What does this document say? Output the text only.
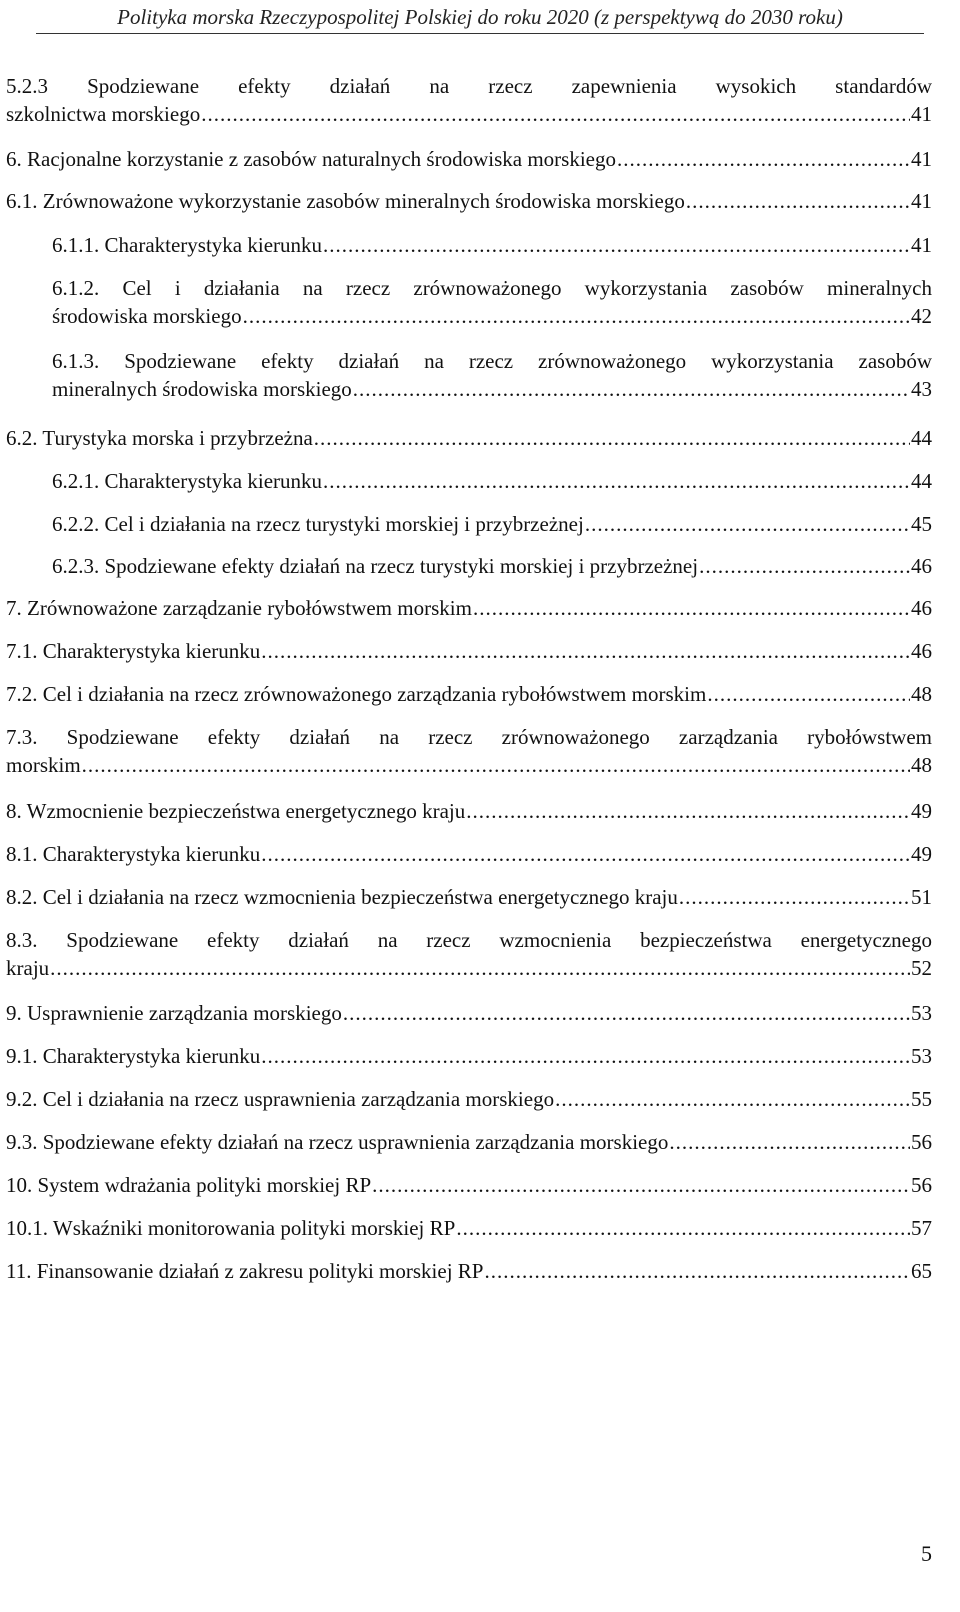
Polityka morska Rzeczypospolitej Polskiej do roku 2020 (z perspektywą do 2030 roku)
5.2.3 Spodziewane efekty działań na rzecz zapewnienia wysokich standardów
szkolnictwa morskiego .....	41
6. Racjonalne korzystanie z zasobów naturalnych środowiska morskiego .....	41
6.1. Zrównoważone wykorzystanie zasobów mineralnych środowiska morskiego .....	41
6.1.1. Charakterystyka kierunku .....	41
6.1.2. Cel i działania na rzecz zrównoważonego wykorzystania zasobów mineralnych
środowiska morskiego .....	42
6.1.3. Spodziewane efekty działań na rzecz zrównoważonego wykorzystania zasobów
mineralnych środowiska morskiego .....	43
6.2. Turystyka morska i przybrzeżna .....	44
6.2.1. Charakterystyka kierunku .....	44
6.2.2. Cel i działania na rzecz turystyki morskiej i przybrzeżnej .....	45
6.2.3. Spodziewane efekty działań na rzecz turystyki morskiej i przybrzeżnej .....	46
7. Zrównoważone zarządzanie rybołówstwem morskim .....	46
7.1. Charakterystyka kierunku .....	46
7.2. Cel i działania na rzecz zrównoważonego zarządzania rybołówstwem morskim .....	48
7.3. Spodziewane efekty działań na rzecz zrównoważonego zarządzania rybołówstwem
morskim .....	48
8. Wzmocnienie bezpieczeństwa energetycznego kraju .....	49
8.1. Charakterystyka kierunku .....	49
8.2. Cel i działania na rzecz wzmocnienia bezpieczeństwa energetycznego kraju .....	51
8.3. Spodziewane efekty działań na rzecz wzmocnienia bezpieczeństwa energetycznego
kraju .....	52
9. Usprawnienie zarządzania morskiego .....	53
9.1. Charakterystyka kierunku .....	53
9.2. Cel i działania na rzecz usprawnienia zarządzania morskiego .....	55
9.3. Spodziewane efekty działań na rzecz usprawnienia zarządzania morskiego .....	56
10. System wdrażania polityki morskiej RP .....	56
10.1. Wskaźniki monitorowania polityki morskiej RP .....	57
11. Finansowanie działań z zakresu polityki morskiej RP .....	65
5
